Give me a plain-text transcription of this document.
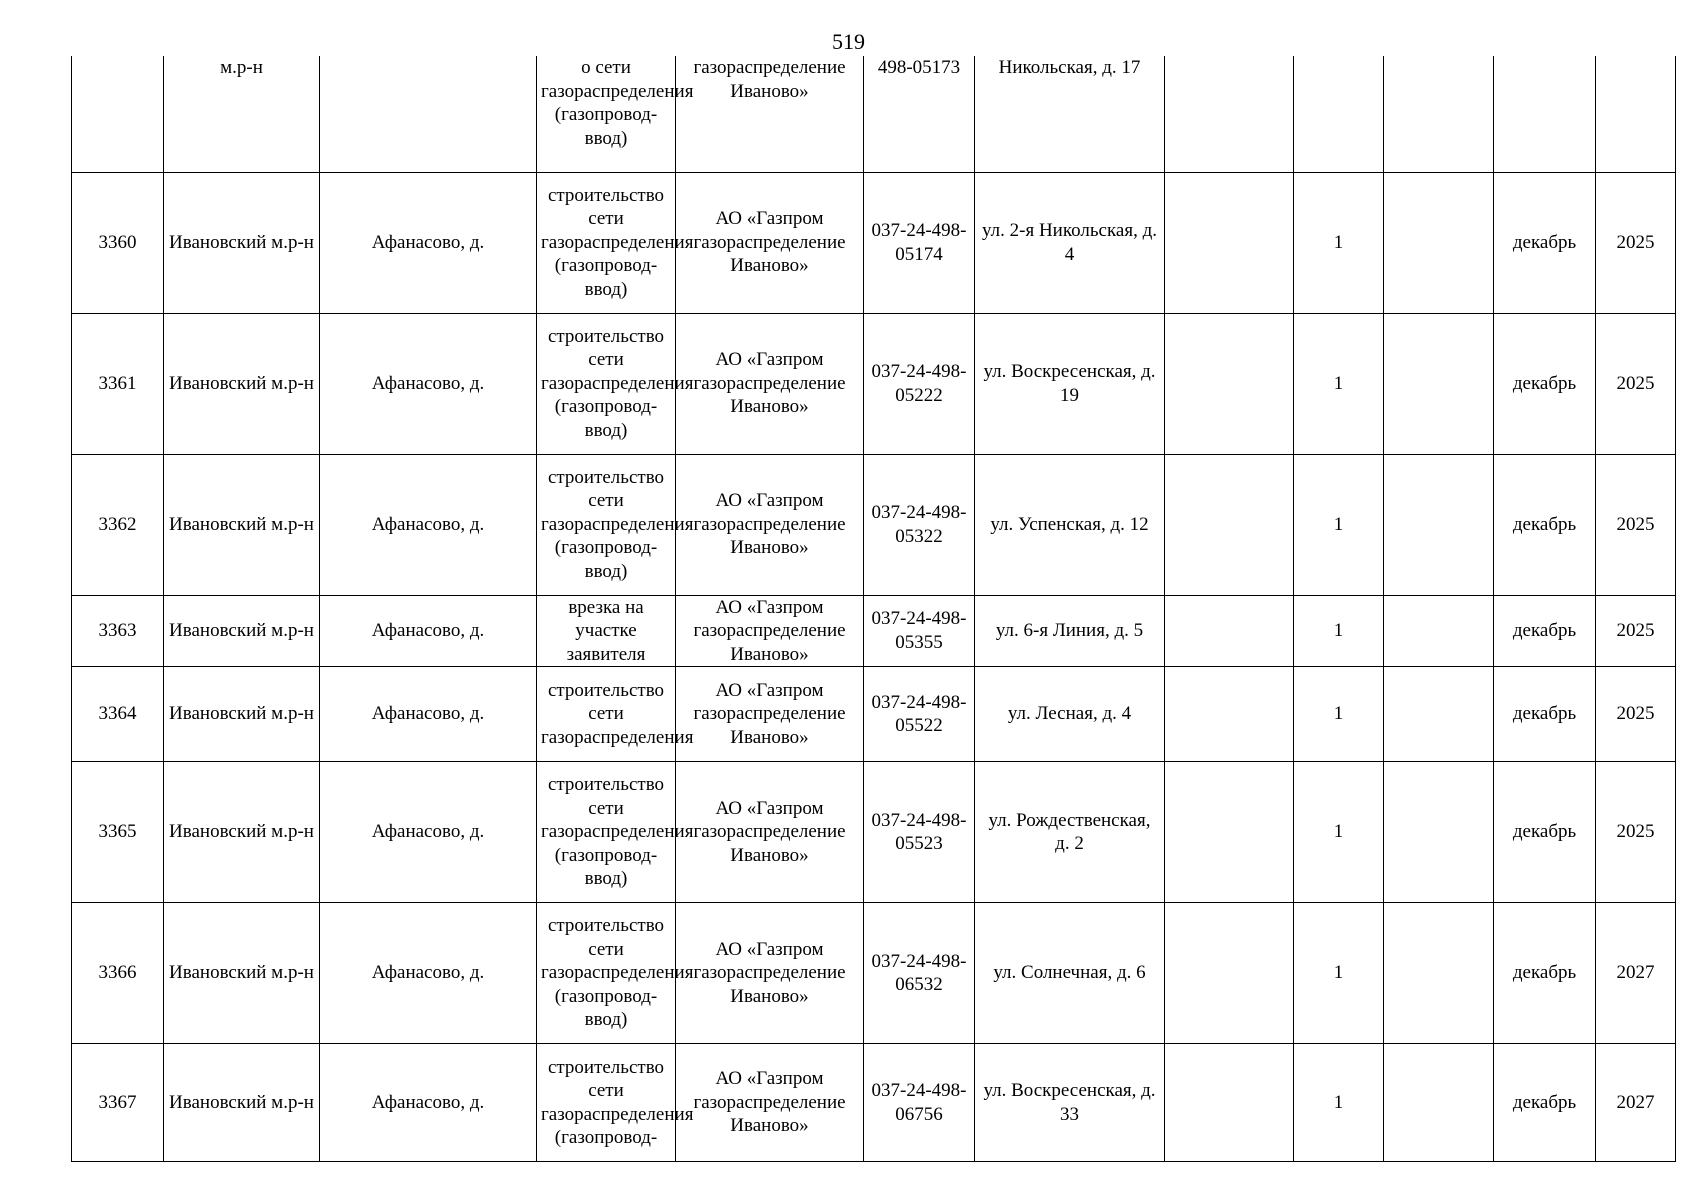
519
	м.р-н		о сети газораспределения (газопровод-ввод)	газораспределение Иваново»	498-05173	Никольская, д. 17					
3360	Ивановский м.р-н	Афанасово, д.	строительство сети газораспределения (газопровод-ввод)	АО «Газпром газораспределение Иваново»	037-24-498-05174	ул. 2-я Никольская, д. 4		1		декабрь	2025
3361	Ивановский м.р-н	Афанасово, д.	строительство сети газораспределения (газопровод-ввод)	АО «Газпром газораспределение Иваново»	037-24-498-05222	ул. Воскресенская, д. 19		1		декабрь	2025
3362	Ивановский м.р-н	Афанасово, д.	строительство сети газораспределения (газопровод-ввод)	АО «Газпром газораспределение Иваново»	037-24-498-05322	ул. Успенская, д. 12		1		декабрь	2025
3363	Ивановский м.р-н	Афанасово, д.	врезка на участке заявителя	АО «Газпром газораспределение Иваново»	037-24-498-05355	ул. 6-я Линия, д. 5		1		декабрь	2025
3364	Ивановский м.р-н	Афанасово, д.	строительство сети газораспределения	АО «Газпром газораспределение Иваново»	037-24-498-05522	ул. Лесная, д. 4		1		декабрь	2025
3365	Ивановский м.р-н	Афанасово, д.	строительство сети газораспределения (газопровод-ввод)	АО «Газпром газораспределение Иваново»	037-24-498-05523	ул. Рождественская, д. 2		1		декабрь	2025
3366	Ивановский м.р-н	Афанасово, д.	строительство сети газораспределения (газопровод-ввод)	АО «Газпром газораспределение Иваново»	037-24-498-06532	ул. Солнечная, д. 6		1		декабрь	2027
3367	Ивановский м.р-н	Афанасово, д.	строительство сети газораспределения (газопровод-	АО «Газпром газораспределение Иваново»	037-24-498-06756	ул. Воскресенская, д. 33		1		декабрь	2027
